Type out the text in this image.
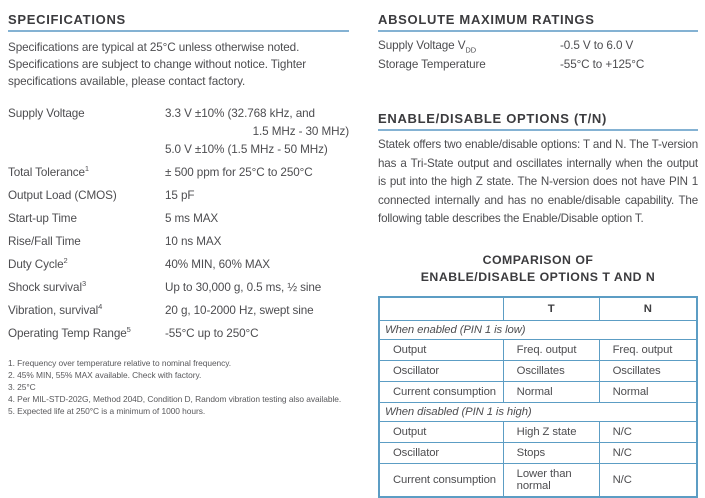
SPECIFICATIONS
Specifications are typical at 25°C unless otherwise noted. Specifications are subject to change without notice. Tighter specifications available, please contact factory.
Supply Voltage	3.3 V ±10% (32.768 kHz, and
1.5 MHz - 30 MHz)
5.0 V ±10% (1.5 MHz - 50 MHz)
Total Tolerance$^1$	± 500 ppm for 25°C to 250°C
Output Load (CMOS)	15 pF
Start-up Time	5 ms MAX
Rise/Fall Time	10 ns MAX
Duty Cycle$^2$	40% MIN, 60% MAX
Shock survival$^3$	Up to 30,000 g, 0.5 ms, ½ sine
Vibration, survival$^4$	20 g, 10-2000 Hz, swept sine
Operating Temp Range$^5$	-55°C up to 250°C
1. Frequency over temperature relative to nominal frequency.
2. 45% MIN, 55% MAX available. Check with factory.
3. 25°C
4. Per MIL-STD-202G, Method 204D, Condition D, Random vibration testing also available.
5. Expected life at 250°C is a minimum of 1000 hours.
ABSOLUTE MAXIMUM RATINGS
Supply Voltage $V_{DD}$	-0.5 V to 6.0 V
Storage Temperature	-55°C to +125°C
ENABLE/DISABLE OPTIONS (T/N)
Statek offers two enable/disable options: T and N. The T-version has a Tri-State output and oscillates internally when the output is put into the high Z state. The N-version does not have PIN 1 connected internally and has no enable/disable capability. The following table describes the Enable/Disable option T.
COMPARISON OF
ENABLE/DISABLE OPTIONS T AND N
	T	N
When enabled (PIN 1 is low)		
Output	Freq. output	Freq. output
Oscillator	Oscillates	Oscillates
Current consumption	Normal	Normal
When disabled (PIN 1 is high)		
Output	High Z state	N/C
Oscillator	Stops	N/C
Current consumption	Lower than normal	N/C
